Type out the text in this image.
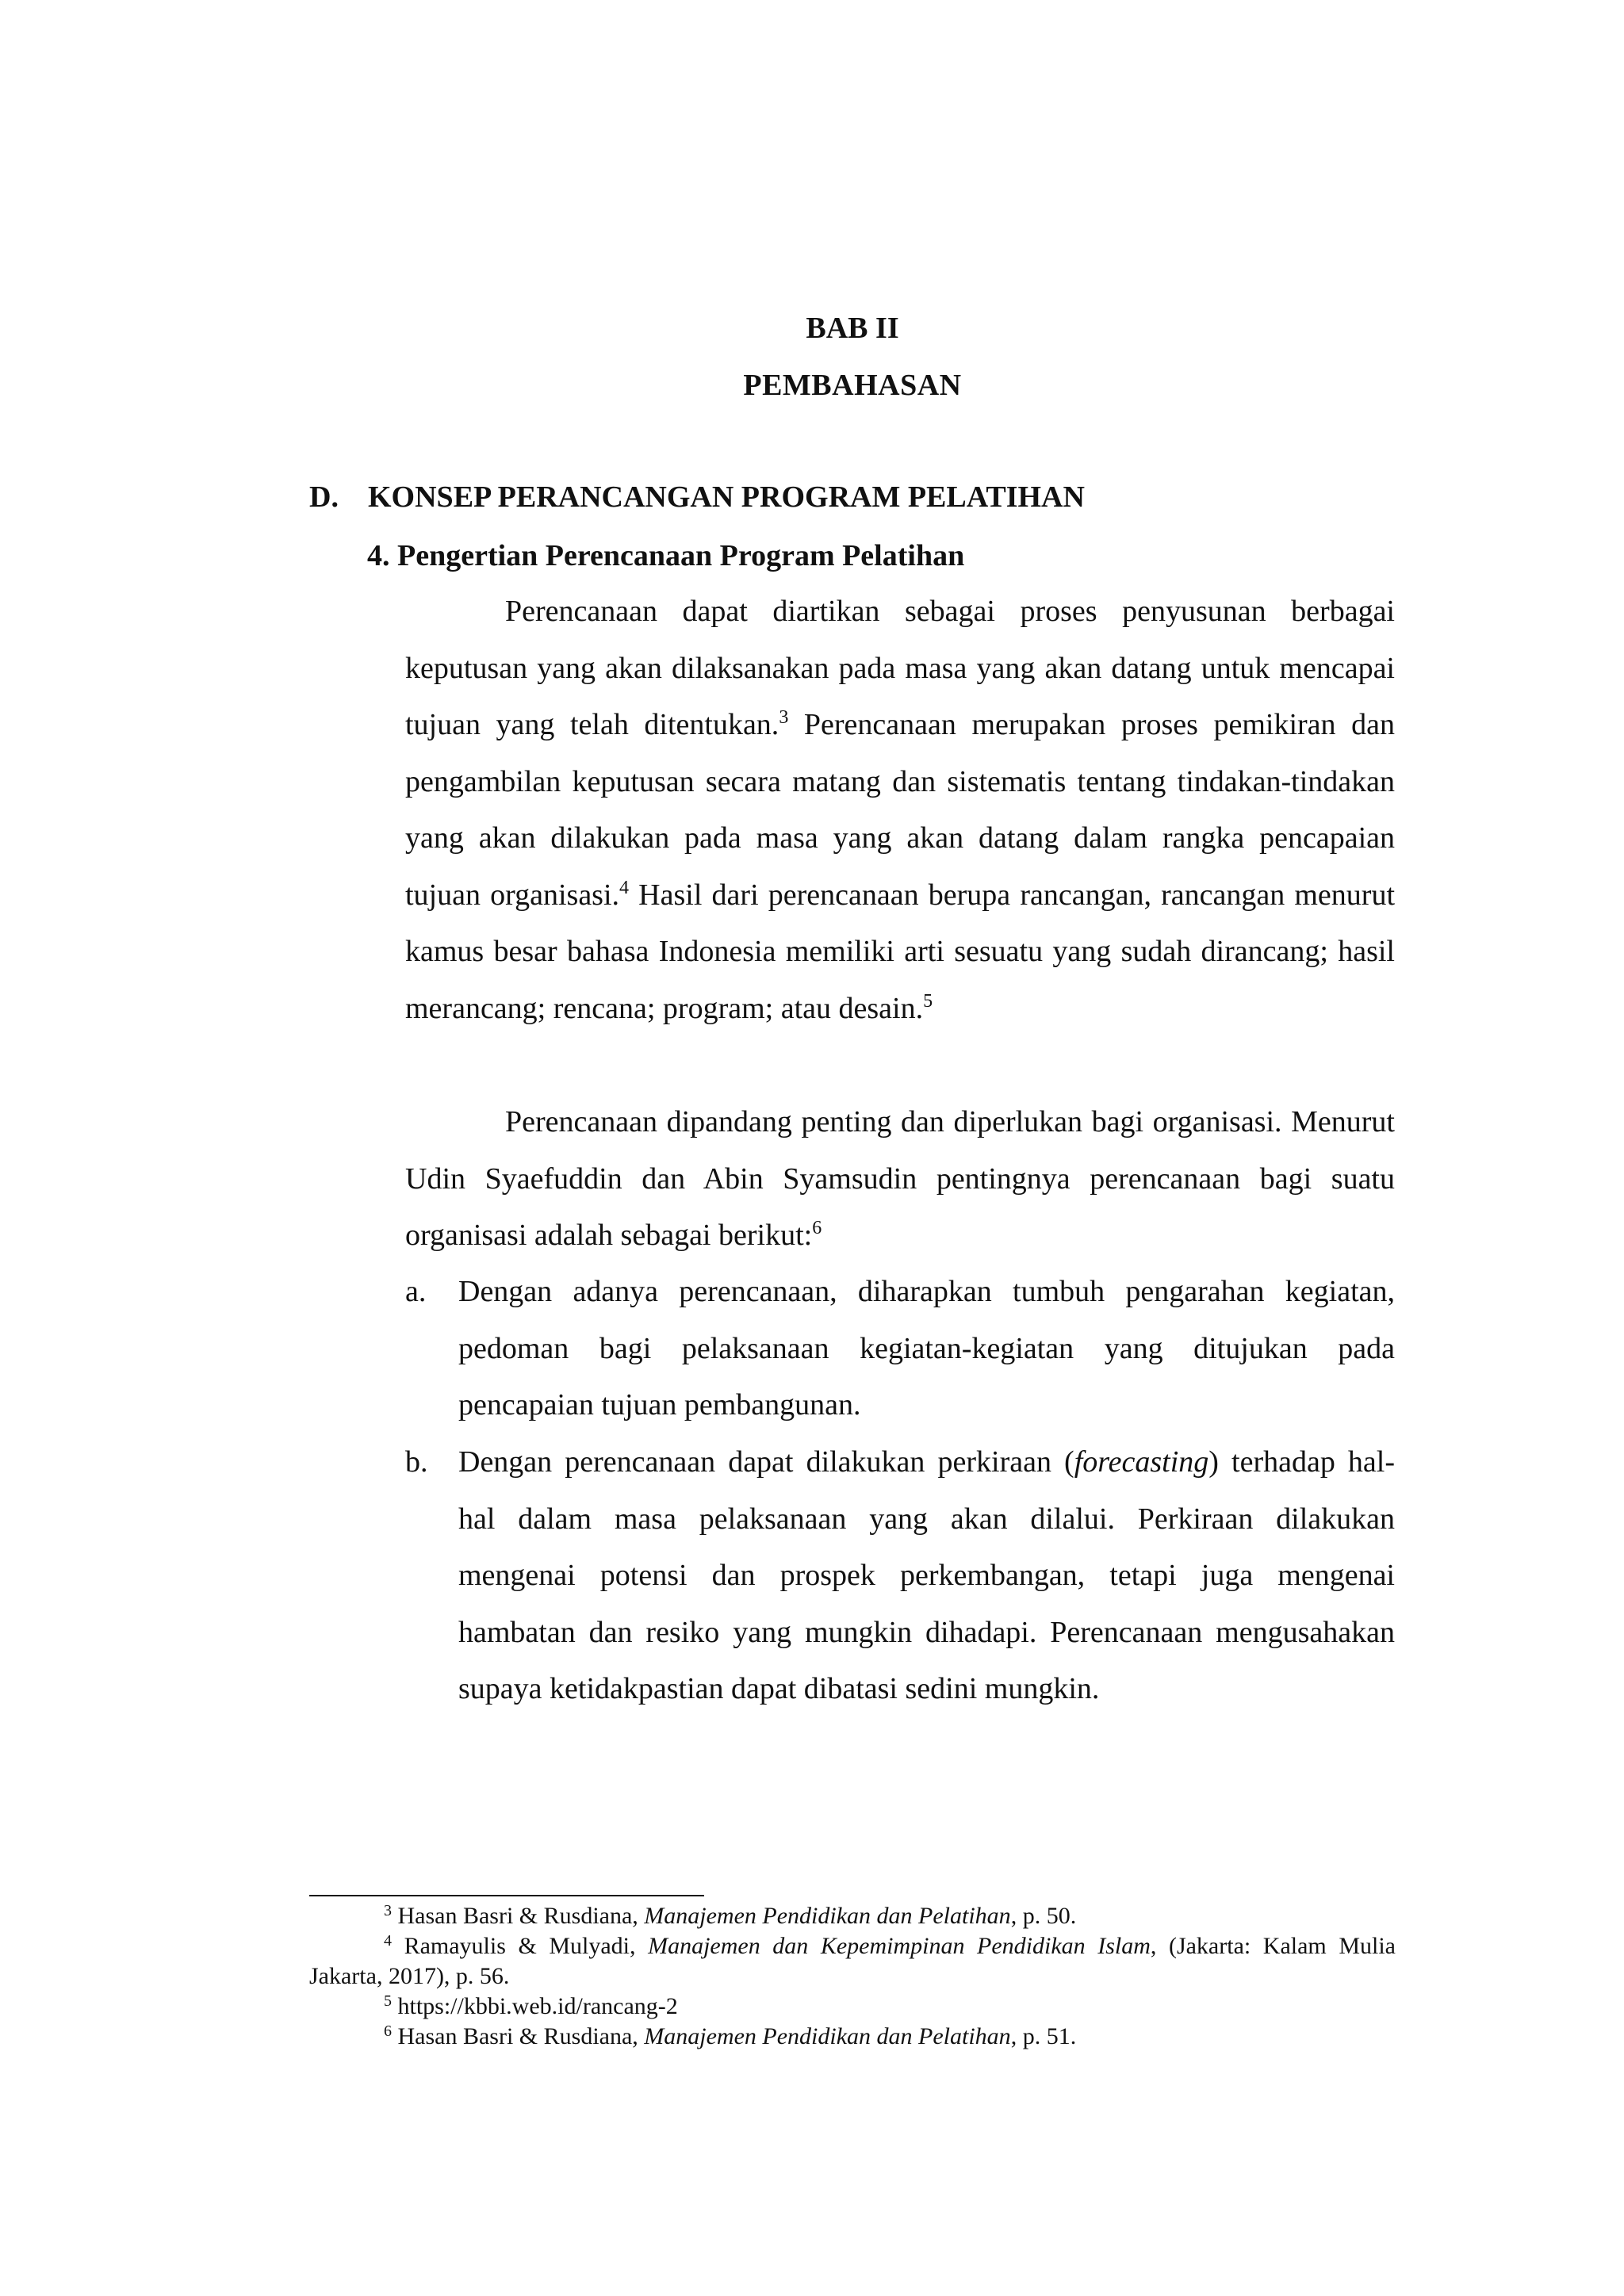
BAB II
PEMBAHASAN
D. KONSEP PERANCANGAN PROGRAM PELATIHAN
4. Pengertian Perencanaan Program Pelatihan

Perencanaan dapat diartikan sebagai proses penyusunan berbagai keputusan yang akan dilaksanakan pada masa yang akan datang untuk mencapai tujuan yang telah ditentukan.$^3$ Perencanaan merupakan proses pemikiran dan pengambilan keputusan secara matang dan sistematis tentang tindakan-tindakan yang akan dilakukan pada masa yang akan datang dalam rangka pencapaian tujuan organisasi.$^4$ Hasil dari perencanaan berupa rancangan, rancangan menurut kamus besar bahasa Indonesia memiliki arti sesuatu yang sudah dirancang; hasil merancang; rencana; program; atau desain.$^5$

Perencanaan dipandang penting dan diperlukan bagi organisasi. Menurut Udin Syaefuddin dan Abin Syamsudin pentingnya perencanaan bagi suatu organisasi adalah sebagai berikut:$^6$

a. Dengan adanya perencanaan, diharapkan tumbuh pengarahan kegiatan, pedoman bagi pelaksanaan kegiatan-kegiatan yang ditujukan pada pencapaian tujuan pembangunan.
b. Dengan perencanaan dapat dilakukan perkiraan (forecasting) terhadap hal-hal dalam masa pelaksanaan yang akan dilalui. Perkiraan dilakukan mengenai potensi dan prospek perkembangan, tetapi juga mengenai hambatan dan resiko yang mungkin dihadapi. Perencanaan mengusahakan supaya ketidakpastian dapat dibatasi sedini mungkin.

$^3$ Hasan Basri & Rusdiana, Manajemen Pendidikan dan Pelatihan, p. 50.

$^4$ Ramayulis & Mulyadi, Manajemen dan Kepemimpinan Pendidikan Islam, (Jakarta: Kalam Mulia Jakarta, 2017), p. 56.

$^5$ https://kbbi.web.id/rancang-2

$^6$ Hasan Basri & Rusdiana, Manajemen Pendidikan dan Pelatihan, p. 51.
